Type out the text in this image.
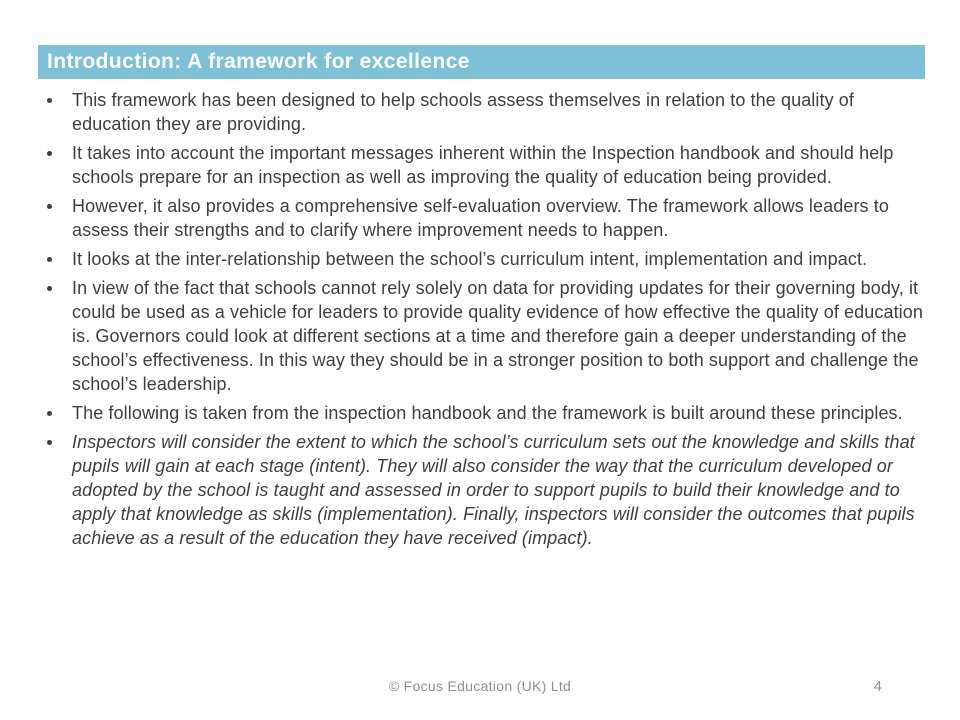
Introduction: A framework for excellence
This framework has been designed to help schools assess themselves in relation to the quality of education they are providing.
It takes into account the important messages inherent within the Inspection handbook and should help schools prepare for an inspection as well as improving the quality of education being provided.
However, it also provides a comprehensive self-evaluation overview. The framework allows leaders to assess their strengths and to clarify where improvement needs to happen.
It looks at the inter-relationship between the school’s curriculum intent, implementation and impact.
In view of the fact that schools cannot rely solely on data for providing updates for their governing body, it could be used as a vehicle for leaders to provide quality evidence of how effective the quality of education is. Governors could look at different sections at a time and therefore gain a deeper understanding of the school’s effectiveness. In this way they should be in a stronger position to both support and challenge the school’s leadership.
The following is taken from the inspection handbook and the framework is built around these principles.
Inspectors will consider the extent to which the school’s curriculum sets out the knowledge and skills that pupils will gain at each stage (intent). They will also consider the way that the curriculum developed or adopted by the school is taught and assessed in order to support pupils to build their knowledge and to apply that knowledge as skills (implementation). Finally, inspectors will consider the outcomes that pupils achieve as a result of the education they have received (impact).
© Focus Education (UK) Ltd	4
